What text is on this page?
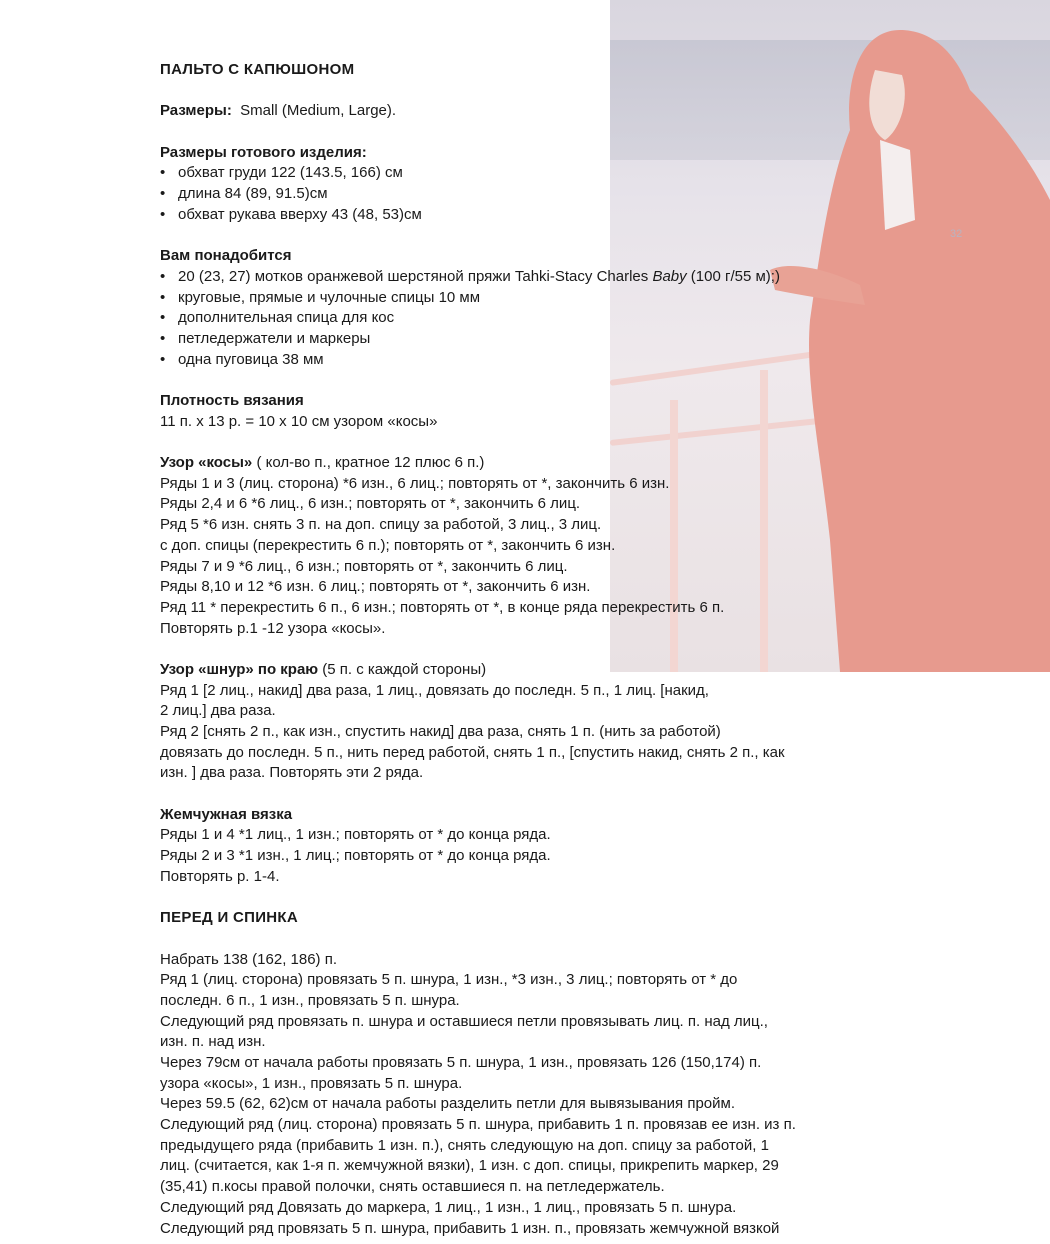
32
ПАЛЬТО С КАПЮШОНОМ
Размеры: Small (Medium, Large).
Размеры готового изделия:
• обхват груди 122 (143.5, 166) см
• длина 84 (89, 91.5)см
• обхват рукава вверху 43 (48, 53)см
Вам понадобится
• 20 (23, 27) мотков оранжевой шерстяной пряжи Tahki-Stacy Charles Baby (100 г/55 м);)
• круговые, прямые и чулочные спицы 10 мм
• дополнительная спица для кос
• петледержатели и маркеры
• одна пуговица 38 мм
Плотность вязания
11 п. x 13 р. = 10 x 10 см узором «косы»
Узор «косы» ( кол-во п., кратное 12 плюс 6 п.)
Ряды 1 и 3 (лиц. сторона) *6 изн., 6 лиц.; повторять от *, закончить 6 изн.
Ряды 2,4 и 6 *6 лиц., 6 изн.; повторять от *, закончить 6 лиц.
Ряд 5 *6 изн. снять 3 п. на доп. спицу за работой, 3 лиц., 3 лиц.
с доп. спицы (перекрестить 6 п.); повторять от *, закончить 6 изн.
Ряды 7 и 9 *6 лиц., 6 изн.; повторять от *, закончить 6 лиц.
Ряды 8,10 и 12 *6 изн. 6 лиц.; повторять от *, закончить 6 изн.
Ряд 11 * перекрестить 6 п., 6 изн.; повторять от *, в конце ряда перекрестить 6 п.
Повторять р.1 -12 узора «косы».
Узор «шнур» по краю (5 п. с каждой стороны)
Ряд 1 [2 лиц., накид] два раза, 1 лиц., довязать до последн. 5 п., 1 лиц. [накид,
2 лиц.] два раза.
Ряд 2 [снять 2 п., как изн., спустить накид] два раза, снять 1 п. (нить за работой)
довязать до последн. 5 п., нить перед работой, снять 1 п., [спустить накид, снять 2 п., как
изн. ] два раза. Повторять эти 2 ряда.
Жемчужная вязка
Ряды 1 и 4 *1 лиц., 1 изн.; повторять от * до конца ряда.
Ряды 2 и 3 *1 изн., 1 лиц.; повторять от * до конца ряда.
Повторять р. 1-4.
ПЕРЕД И СПИНКА
Набрать 138 (162, 186) п.
Ряд 1 (лиц. сторона) провязать 5 п. шнура, 1 изн., *3 изн., 3 лиц.; повторять от * до
последн. 6 п., 1 изн., провязать 5 п. шнура.
Следующий ряд провязать п. шнура и оставшиеся петли провязывать лиц. п. над лиц.,
изн. п. над изн.
Через 79см от начала работы провязать 5 п. шнура, 1 изн., провязать 126 (150,174) п.
узора «косы», 1 изн., провязать 5 п. шнура.
Через 59.5 (62, 62)см от начала работы разделить петли для вывязывания пройм.
Следующий ряд (лиц. сторона) провязать 5 п. шнура, прибавить 1 п. провязав ее изн. из п.
предыдущего ряда (прибавить 1 изн. п.), снять следующую на доп. спицу за работой, 1
лиц. (считается, как 1-я п. жемчужной вязки), 1 изн. с доп. спицы, прикрепить маркер, 29
(35,41) п.косы правой полочки, снять оставшиеся п. на петледержатель.
Следующий ряд Довязать до маркера, 1 лиц., 1 изн., 1 лиц., провязать 5 п. шнура.
Следующий ряд провязать 5 п. шнура, прибавить 1 изн. п., провязать жемчужной вязкой
